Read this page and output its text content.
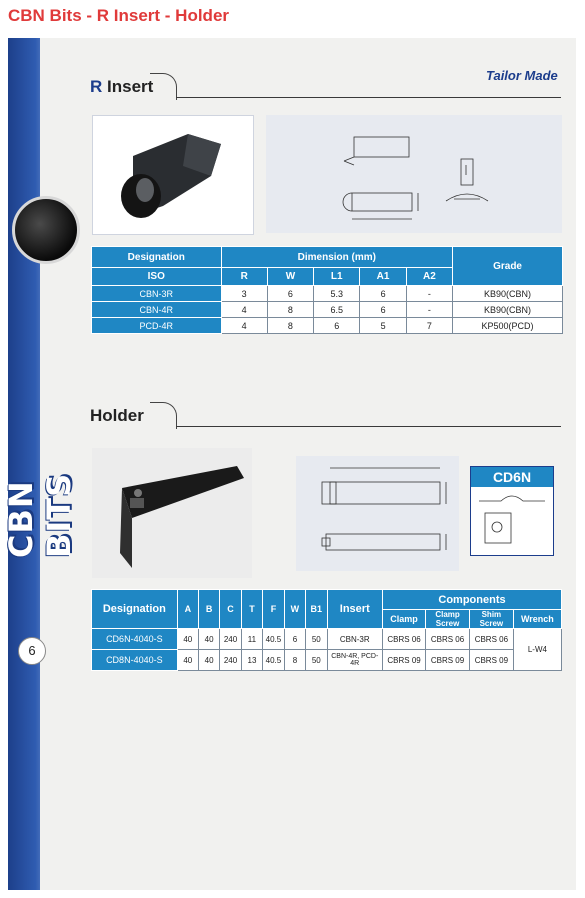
CBN Bits - R Insert - Holder
CBN BITS
6
R Insert
Tailor Made
Designation	Dimension (mm)					Grade
ISO	R	W	L1	A1	A2	
CBN-3R	3	6	5.3	6	-	KB90(CBN)
CBN-4R	4	8	6.5	6	-	KB90(CBN)
PCD-4R	4	8	6	5	7	KP500(PCD)
Holder
CD6N
Designation	A	B	C	T	F	W	B1	Insert	Components			
									Clamp	Clamp Screw	Shim Screw	Wrench
CD6N-4040-S	40	40	240	11	40.5	6	50	CBN-3R	CBRS 06	CBRS 06	CBRS 06	L-W4
CD8N-4040-S	40	40	240	13	40.5	8	50	CBN-4R, PCD-4R	CBRS 09	CBRS 09	CBRS 09	
